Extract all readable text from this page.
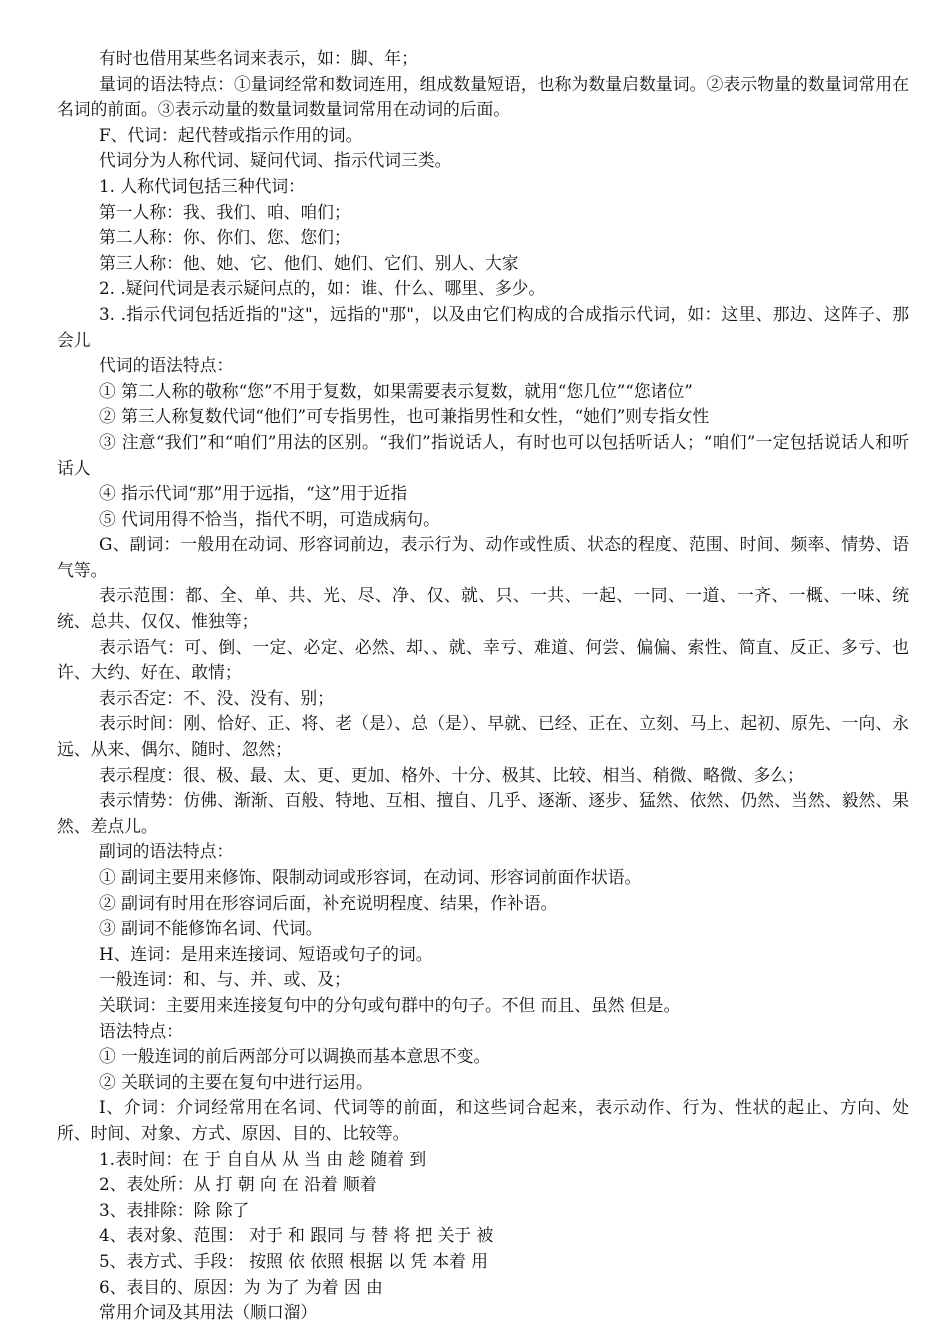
有时也借用某些名词来表示，如：脚、年；

量词的语法特点：①量词经常和数词连用，组成数量短语，也称为数量启数量词。②表示物量的数量词常用在名词的前面。③表示动量的数量词数量词常用在动词的后面。

F、代词：起代替或指示作用的词。

代词分为人称代词、疑问代词、指示代词三类。

1. 人称代词包括三种代词：

第一人称：我、我们、咱、咱们；

第二人称：你、你们、您、您们；

第三人称：他、她、它、他们、她们、它们、别人、大家

2. .疑问代词是表示疑问点的，如：谁、什么、哪里、多少。

3. .指示代词包括近指的"这"，远指的"那"，以及由它们构成的合成指示代词，如：这里、那边、这阵子、那会儿

代词的语法特点：

① 第二人称的敬称“您”不用于复数，如果需要表示复数，就用“您几位”“您诸位”

② 第三人称复数代词“他们”可专指男性，也可兼指男性和女性，“她们”则专指女性

③ 注意“我们”和“咱们”用法的区别。“我们”指说话人，有时也可以包括听话人；“咱们”一定包括说话人和听话人

④ 指示代词“那”用于远指，“这”用于近指

⑤ 代词用得不恰当，指代不明，可造成病句。

G、副词：一般用在动词、形容词前边，表示行为、动作或性质、状态的程度、范围、时间、频率、情势、语气等。

表示范围：都、全、单、共、光、尽、净、仅、就、只、一共、一起、一同、一道、一齐、一概、一味、统统、总共、仅仅、惟独等；

表示语气：可、倒、一定、必定、必然、却、、就、幸亏、难道、何尝、偏偏、索性、简直、反正、多亏、也许、大约、好在、敢情；

表示否定：不、没、没有、别；

表示时间：刚、恰好、正、将、老（是）、总（是）、早就、已经、正在、立刻、马上、起初、原先、一向、永远、从来、偶尔、随时、忽然；

表示程度：很、极、最、太、更、更加、格外、十分、极其、比较、相当、稍微、略微、多么；

表示情势：仿佛、渐渐、百般、特地、互相、擅自、几乎、逐渐、逐步、猛然、依然、仍然、当然、毅然、果然、差点儿。

副词的语法特点：

① 副词主要用来修饰、限制动词或形容词，在动词、形容词前面作状语。

② 副词有时用在形容词后面，补充说明程度、结果，作补语。

③ 副词不能修饰名词、代词。

H、连词：是用来连接词、短语或句子的词。

一般连词：和、与、并、或、及；

关联词：主要用来连接复句中的分句或句群中的句子。不但 而且、虽然 但是。

语法特点：

① 一般连词的前后两部分可以调换而基本意思不变。

② 关联词的主要在复句中进行运用。

I、介词：介词经常用在名词、代词等的前面，和这些词合起来，表示动作、行为、性状的起止、方向、处所、时间、对象、方式、原因、目的、比较等。

1.表时间：在 于 自自从 从 当 由 趁 随着 到

2、表处所：从 打 朝 向 在 沿着 顺着

3、表排除：除 除了

4、表对象、范围： 对于 和 跟同 与 替 将 把 关于 被

5、表方式、手段： 按照 依 依照 根据 以 凭 本着 用

6、表目的、原因：为 为了 为着 因 由

常用介词及其用法（顺口溜）
